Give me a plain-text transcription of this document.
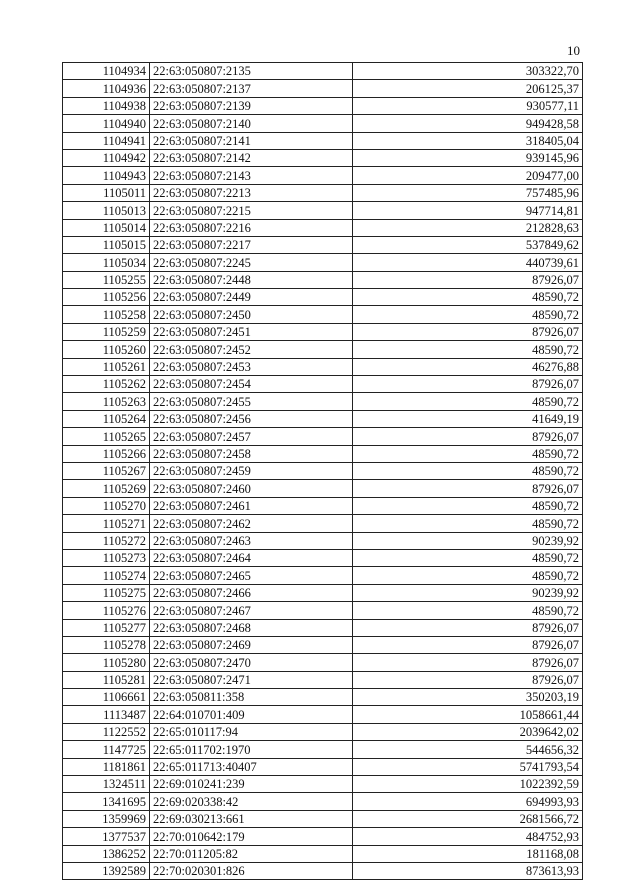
10
1104934	22:63:050807:2135	303322,70
1104936	22:63:050807:2137	206125,37
1104938	22:63:050807:2139	930577,11
1104940	22:63:050807:2140	949428,58
1104941	22:63:050807:2141	318405,04
1104942	22:63:050807:2142	939145,96
1104943	22:63:050807:2143	209477,00
1105011	22:63:050807:2213	757485,96
1105013	22:63:050807:2215	947714,81
1105014	22:63:050807:2216	212828,63
1105015	22:63:050807:2217	537849,62
1105034	22:63:050807:2245	440739,61
1105255	22:63:050807:2448	87926,07
1105256	22:63:050807:2449	48590,72
1105258	22:63:050807:2450	48590,72
1105259	22:63:050807:2451	87926,07
1105260	22:63:050807:2452	48590,72
1105261	22:63:050807:2453	46276,88
1105262	22:63:050807:2454	87926,07
1105263	22:63:050807:2455	48590,72
1105264	22:63:050807:2456	41649,19
1105265	22:63:050807:2457	87926,07
1105266	22:63:050807:2458	48590,72
1105267	22:63:050807:2459	48590,72
1105269	22:63:050807:2460	87926,07
1105270	22:63:050807:2461	48590,72
1105271	22:63:050807:2462	48590,72
1105272	22:63:050807:2463	90239,92
1105273	22:63:050807:2464	48590,72
1105274	22:63:050807:2465	48590,72
1105275	22:63:050807:2466	90239,92
1105276	22:63:050807:2467	48590,72
1105277	22:63:050807:2468	87926,07
1105278	22:63:050807:2469	87926,07
1105280	22:63:050807:2470	87926,07
1105281	22:63:050807:2471	87926,07
1106661	22:63:050811:358	350203,19
1113487	22:64:010701:409	1058661,44
1122552	22:65:010117:94	2039642,02
1147725	22:65:011702:1970	544656,32
1181861	22:65:011713:40407	5741793,54
1324511	22:69:010241:239	1022392,59
1341695	22:69:020338:42	694993,93
1359969	22:69:030213:661	2681566,72
1377537	22:70:010642:179	484752,93
1386252	22:70:011205:82	181168,08
1392589	22:70:020301:826	873613,93
